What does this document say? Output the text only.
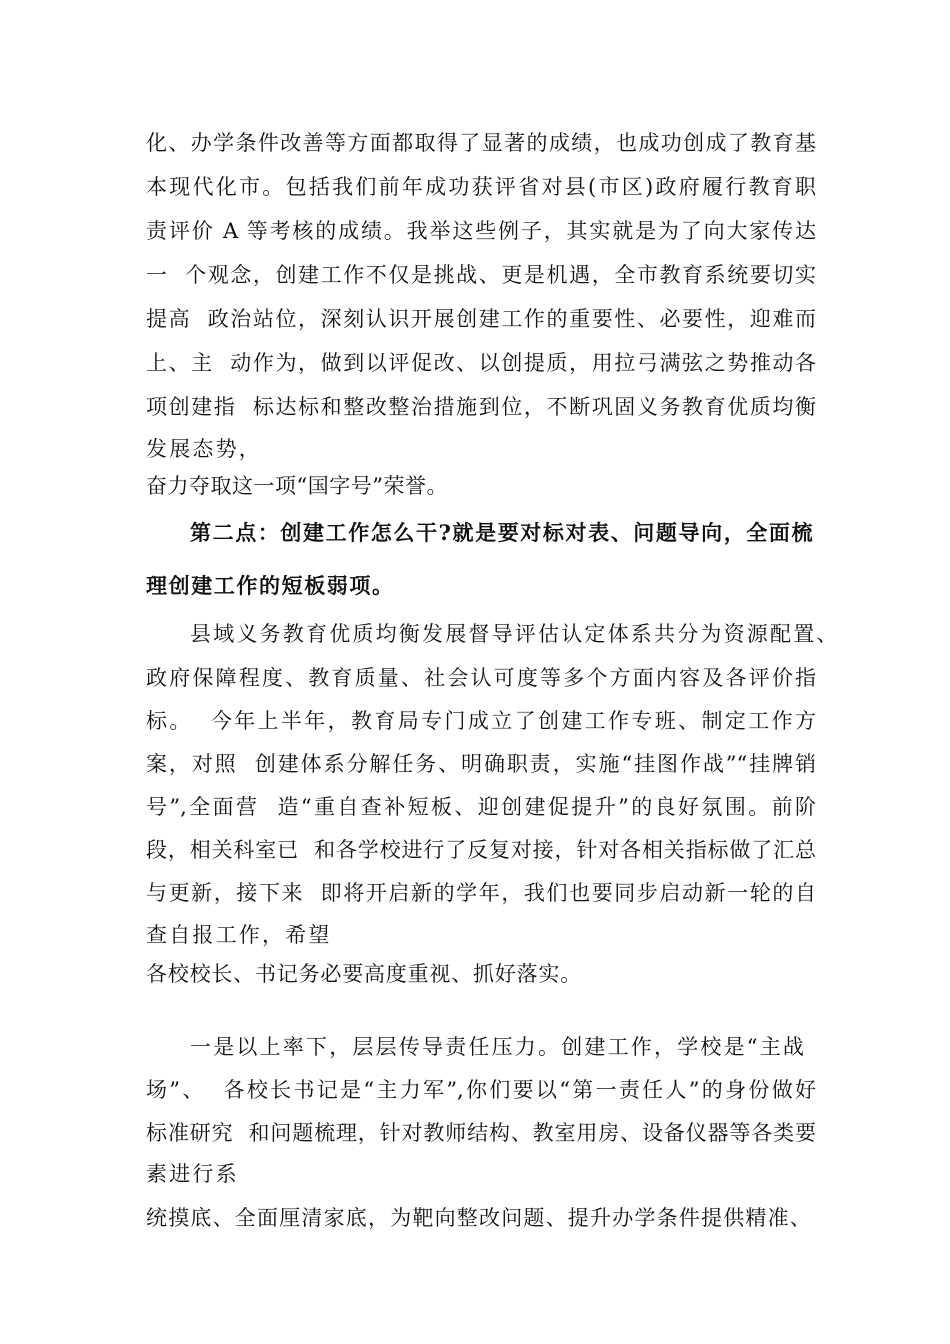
化、办学条件改善等方面都取得了显著的成绩，也成功创成了教育基
本现代化市。包括我们前年成功获评省对县(市区)政府履行教育职
责评价 A 等考核的成绩。我举这些例子，其实就是为了向大家传达
一  个观念，创建工作不仅是挑战、更是机遇，全市教育系统要切实
提高  政治站位，深刻认识开展创建工作的重要性、必要性，迎难而
上、主  动作为，做到以评促改、以创提质，用拉弓满弦之势推动各
项创建指  标达标和整改整治措施到位，不断巩固义务教育优质均衡
发展态势，
奋力夺取这一项“国字号”荣誉。
第二点：创建工作怎么干?就是要对标对表、问题导向，全面梳
理创建工作的短板弱项。
县域义务教育优质均衡发展督导评估认定体系共分为资源配置、
政府保障程度、教育质量、社会认可度等多个方面内容及各评价指
标。  今年上半年，教育局专门成立了创建工作专班、制定工作方
案，对照  创建体系分解任务、明确职责，实施“挂图作战”“挂牌销
号”,全面营  造“重自查补短板、迎创建促提升”的良好氛围。前阶
段，相关科室已  和各学校进行了反复对接，针对各相关指标做了汇总
与更新，接下来  即将开启新的学年，我们也要同步启动新一轮的自
查自报工作，希望
各校校长、书记务必要高度重视、抓好落实。
一是以上率下，层层传导责任压力。创建工作，学校是“主战
场”、  各校长书记是“主力军”,你们要以“第一责任人”的身份做好
标准研究  和问题梳理，针对教师结构、教室用房、设备仪器等各类要
素进行系
统摸底、全面厘清家底，为靶向整改问题、提升办学条件提供精准、
